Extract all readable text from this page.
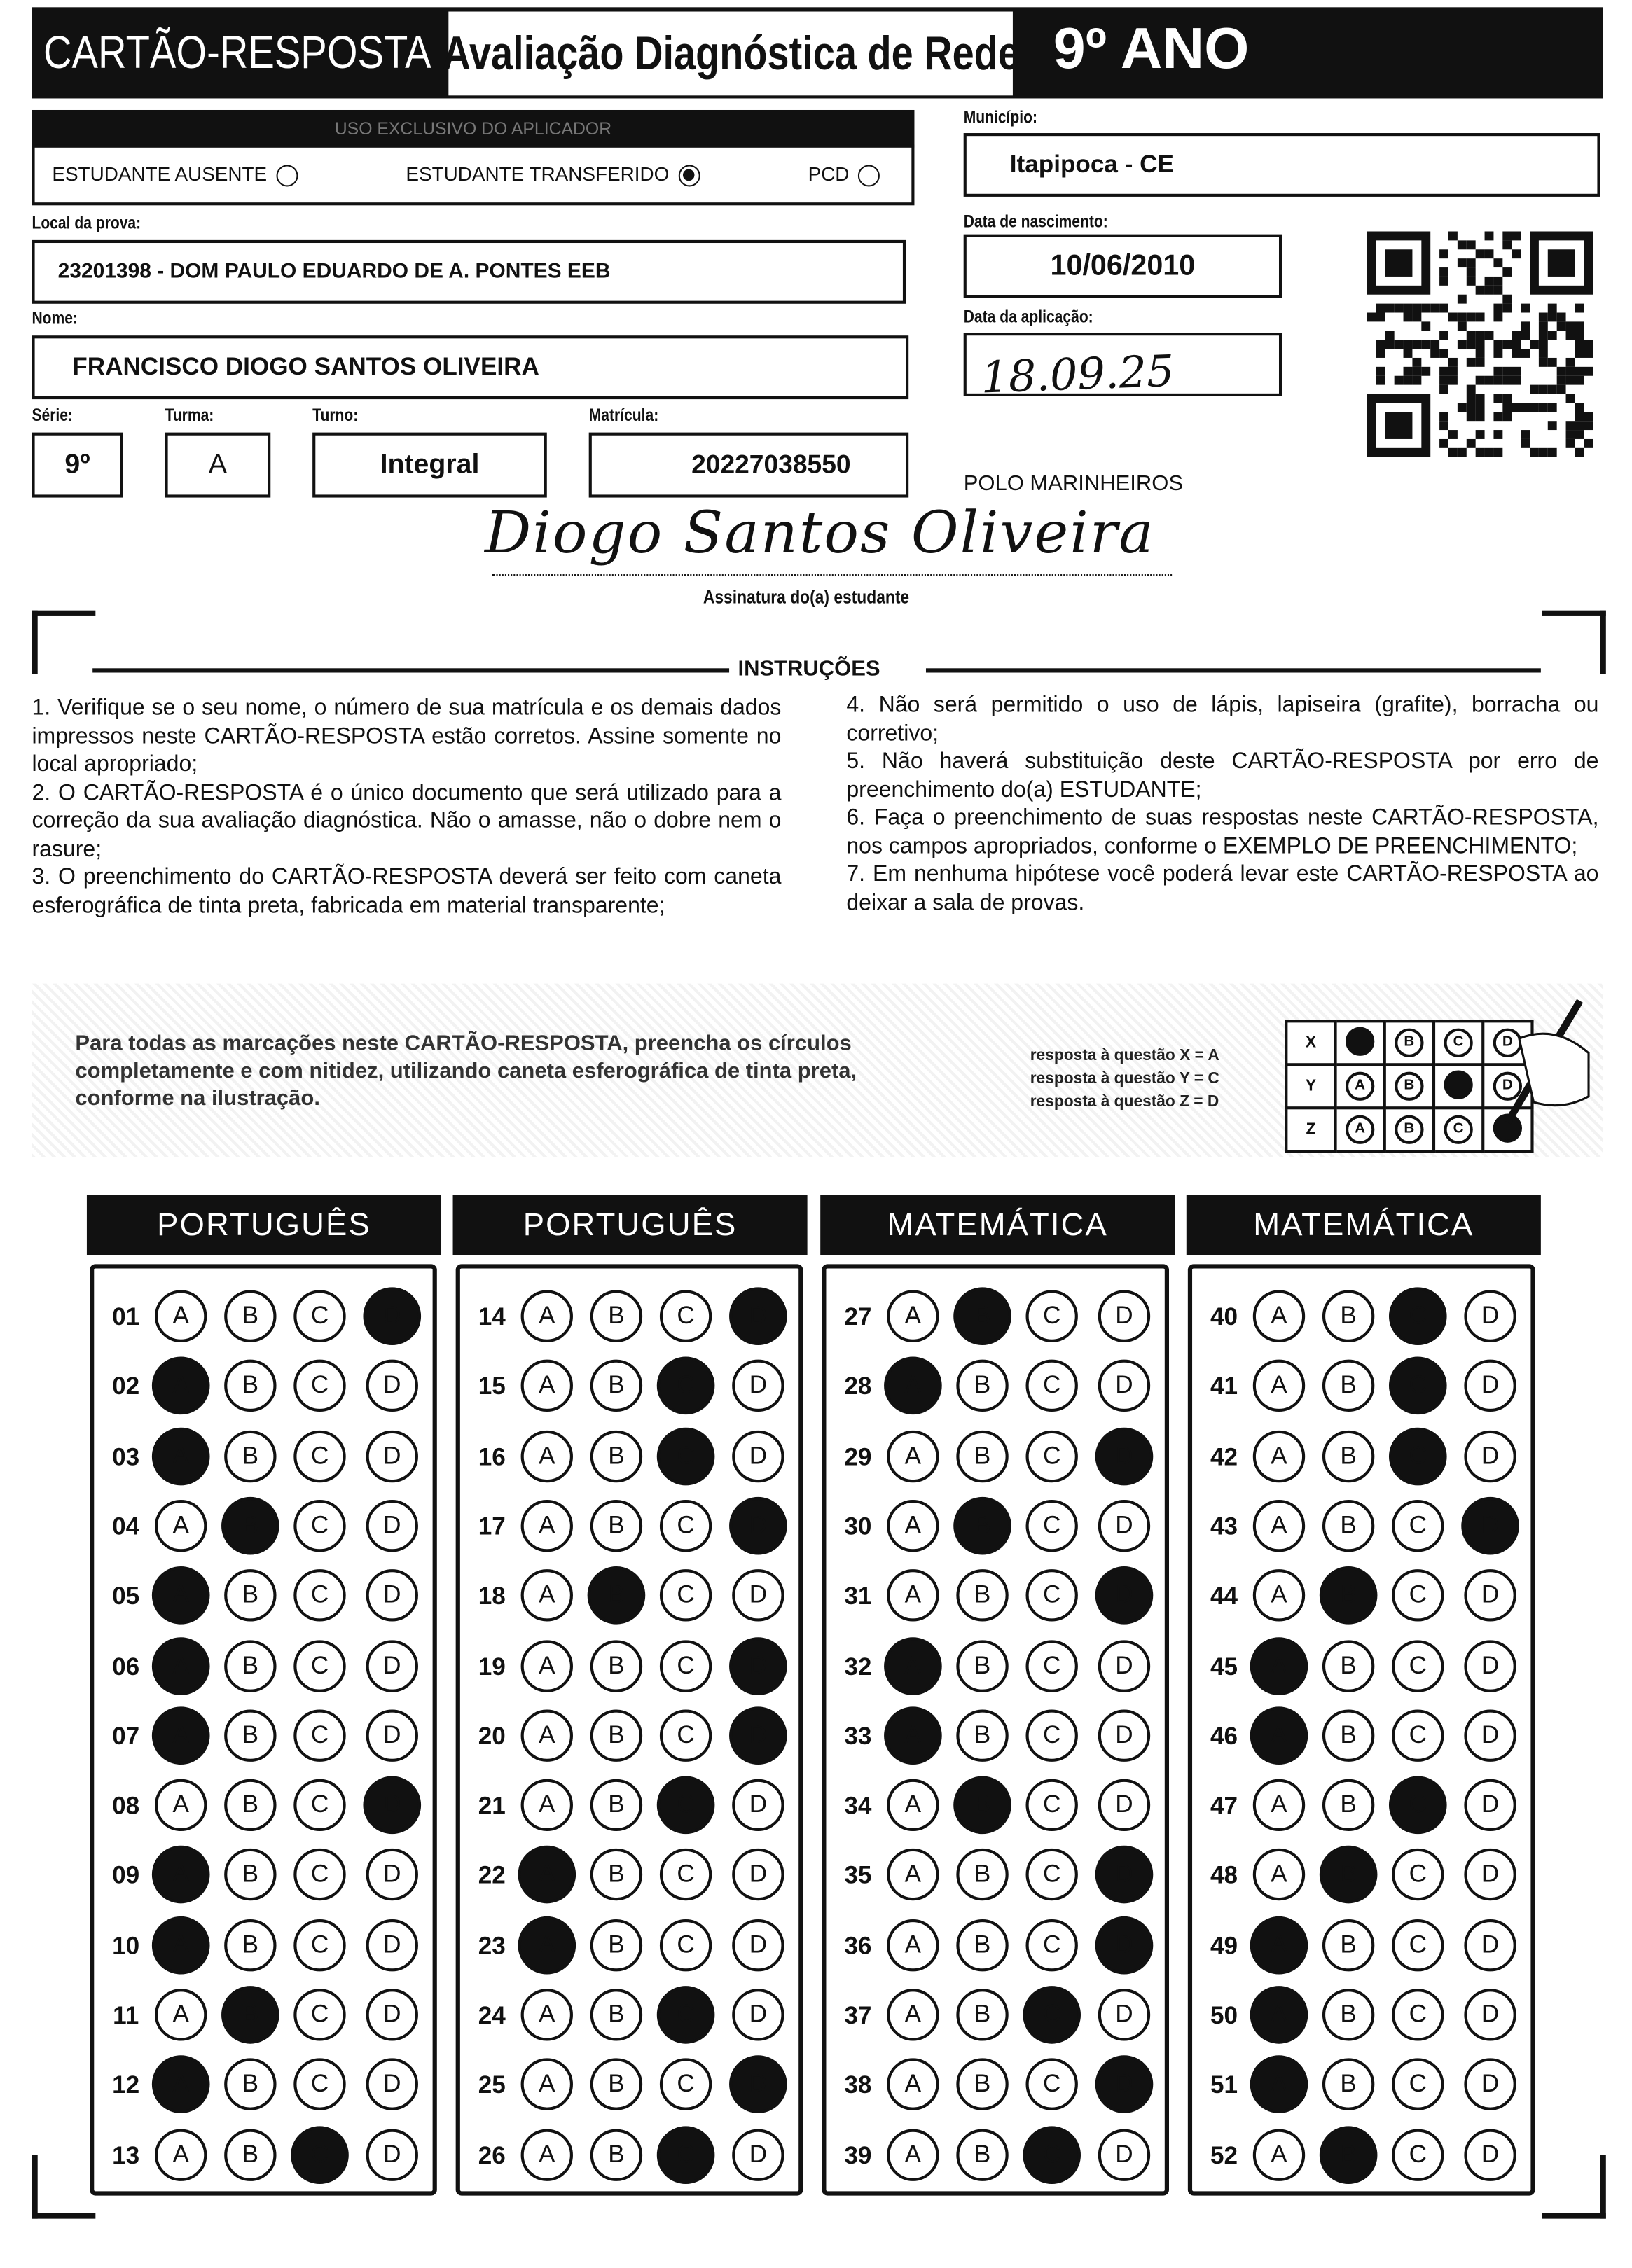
CARTÃO-RESPOSTA Avaliação Diagnóstica de Rede 9º ANO
USO EXCLUSIVO DO APLICADOR
ESTUDANTE AUSENTE	ESTUDANTE TRANSFERIDO	PCD
Município:
Itapipoca - CE
Local da prova:
23201398 - DOM PAULO EDUARDO DE A. PONTES EEB
Data de nascimento:
10/06/2010
Nome:
FRANCISCO DIOGO SANTOS OLIVEIRA
Data da aplicação:
18.09.25
Série:	Turma:	Turno:	Matrícula:
9º	A	Integral	20227038550
POLO MARINHEIROS
Diogo Santos Oliveira
Assinatura do(a) estudante
INSTRUÇÕES

1. Verifique se o seu nome, o número de sua matrícula e os demais dados impressos neste CARTÃO-RESPOSTA estão corretos. Assine somente no local apropriado;

2. O CARTÃO-RESPOSTA é o único documento que será utilizado para a correção da sua avaliação diagnóstica. Não o amasse, não o dobre nem o rasure;

3. O preenchimento do CARTÃO-RESPOSTA deverá ser feito com caneta esferográfica de tinta preta, fabricada em material transparente;

4. Não será permitido o uso de lápis, lapiseira (grafite), borracha ou corretivo;

5. Não haverá substituição deste CARTÃO-RESPOSTA por erro de preenchimento do(a) ESTUDANTE;

6. Faça o preenchimento de suas respostas neste CARTÃO-RESPOSTA, nos campos apropriados, conforme o EXEMPLO DE PREENCHIMENTO;

7. Em nenhuma hipótese você poderá levar este CARTÃO-RESPOSTA ao deixar a sala de provas.

Para todas as marcações neste CARTÃO-RESPOSTA, preencha os círculos completamente e com nitidez, utilizando caneta esferográfica de tinta preta, conforme na ilustração.
resposta à questão X = A
resposta à questão Y = C
resposta à questão Z = D
X		B	C	D
Y	A	B		D
Z	A	B	C	
PORTUGUÊS
01	A	B	C	D
02	A	B	C	D
03	A	B	C	D
04	A	B	C	D
05	A	B	C	D
06	A	B	C	D
07	A	B	C	D
08	A	B	C	D
09	A	B	C	D
10	A	B	C	D
11	A	B	C	D
12	A	B	C	D
13	A	B	C	D
PORTUGUÊS
14	A	B	C	D
15	A	B	C	D
16	A	B	C	D
17	A	B	C	D
18	A	B	C	D
19	A	B	C	D
20	A	B	C	D
21	A	B	C	D
22	A	B	C	D
23	A	B	C	D
24	A	B	C	D
25	A	B	C	D
26	A	B	C	D
MATEMÁTICA
27	A	B	C	D
28	A	B	C	D
29	A	B	C	D
30	A	B	C	D
31	A	B	C	D
32	A	B	C	D
33	A	B	C	D
34	A	B	C	D
35	A	B	C	D
36	A	B	C	D
37	A	B	C	D
38	A	B	C	D
39	A	B	C	D
MATEMÁTICA
40	A	B	C	D
41	A	B	C	D
42	A	B	C	D
43	A	B	C	D
44	A	B	C	D
45	A	B	C	D
46	A	B	C	D
47	A	B	C	D
48	A	B	C	D
49	A	B	C	D
50	A	B	C	D
51	A	B	C	D
52	A	B	C	D
